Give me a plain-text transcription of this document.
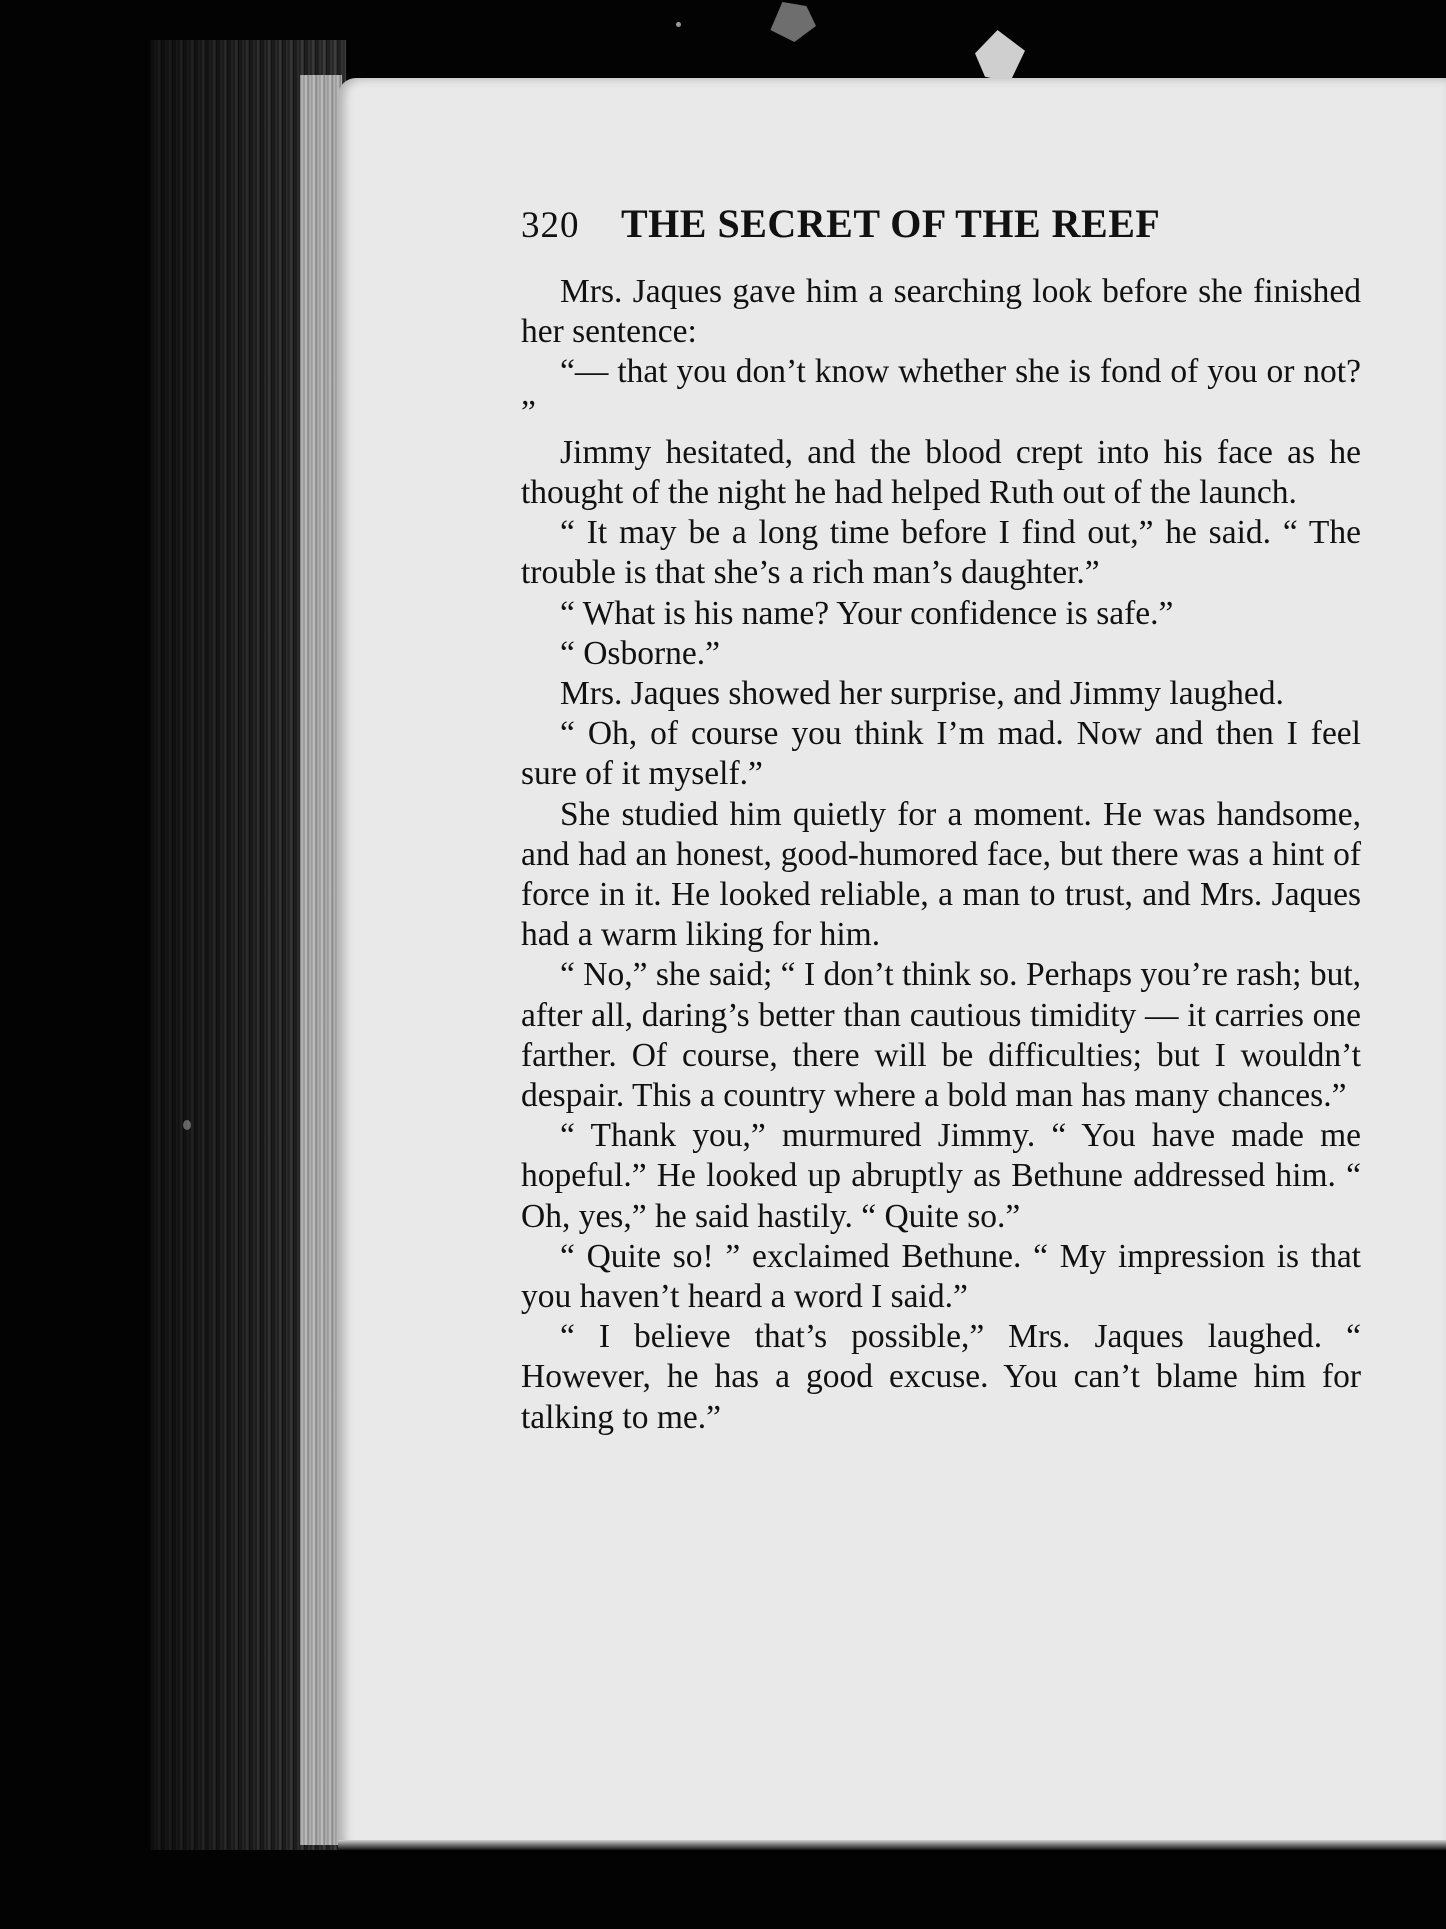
320	THE SECRET OF THE REEF

Mrs. Jaques gave him a searching look before she finished her sentence:

“— that you don’t know whether she is fond of you or not? ”

Jimmy hesitated, and the blood crept into his face as he thought of the night he had helped Ruth out of the launch.

“ It may be a long time before I find out,” he said. “ The trouble is that she’s a rich man’s daughter.”

“ What is his name? Your confidence is safe.”

“ Osborne.”

Mrs. Jaques showed her surprise, and Jimmy laughed.

“ Oh, of course you think I’m mad. Now and then I feel sure of it myself.”

She studied him quietly for a moment. He was handsome, and had an honest, good-humored face, but there was a hint of force in it. He looked reliable, a man to trust, and Mrs. Jaques had a warm liking for him.

“ No,” she said; “ I don’t think so. Perhaps you’re rash; but, after all, daring’s better than cautious timidity — it carries one farther. Of course, there will be difficulties; but I wouldn’t despair. This a country where a bold man has many chances.”

“ Thank you,” murmured Jimmy. “ You have made me hopeful.” He looked up abruptly as Bethune addressed him. “ Oh, yes,” he said hastily. “ Quite so.”

“ Quite so! ” exclaimed Bethune. “ My impression is that you haven’t heard a word I said.”

“ I believe that’s possible,” Mrs. Jaques laughed. “ However, he has a good excuse. You can’t blame him for talking to me.”
